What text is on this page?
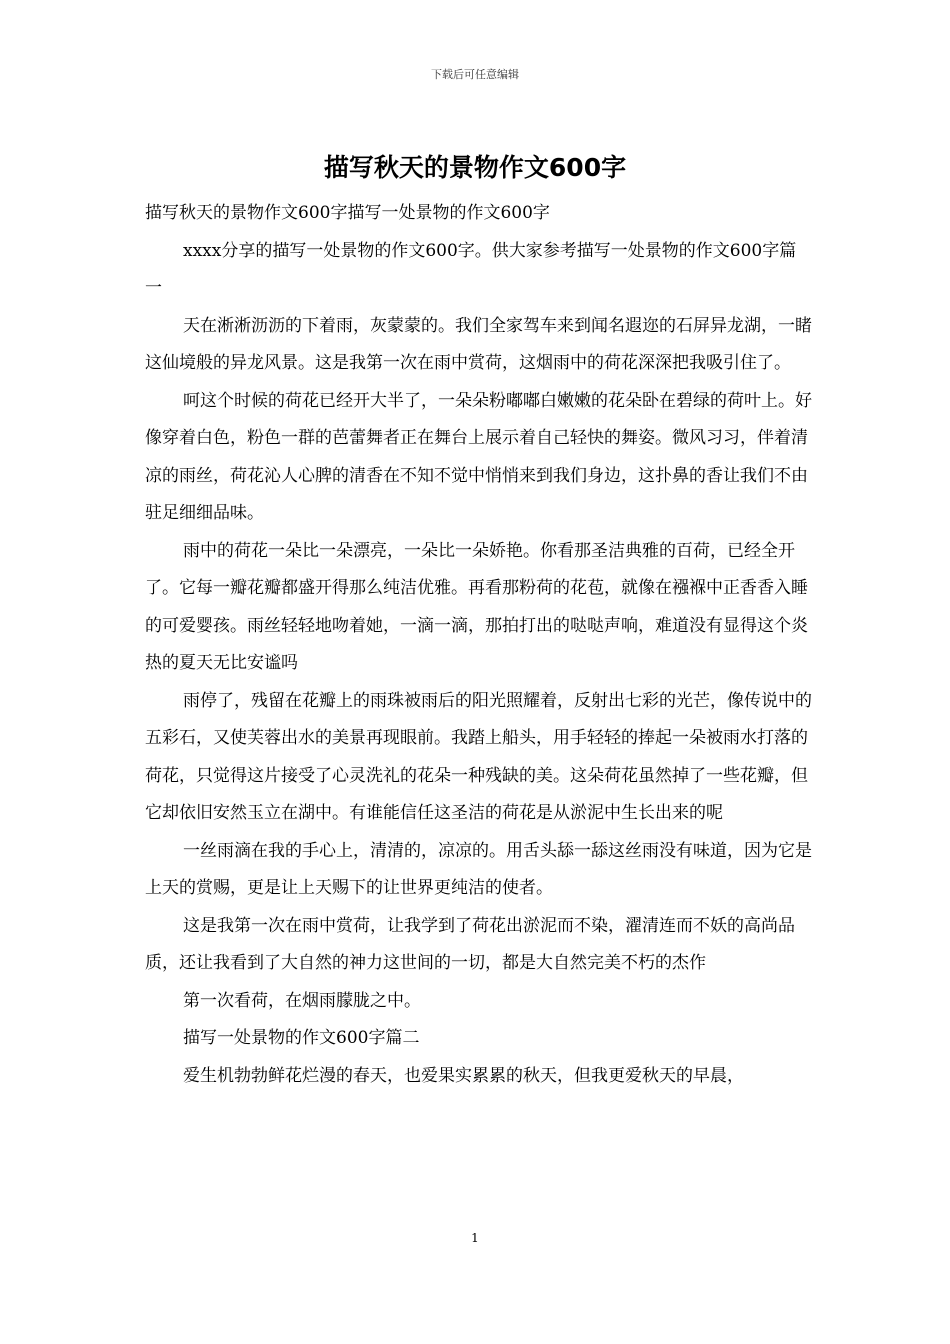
下载后可任意编辑
描写秋天的景物作文600字

描写秋天的景物作文600字描写一处景物的作文600字

xxxx分享的描写一处景物的作文600字。供大家参考描写一处景物的作文600字篇一

天在淅淅沥沥的下着雨，灰蒙蒙的。我们全家驾车来到闻名遐迩的石屏异龙湖，一睹这仙境般的异龙风景。这是我第一次在雨中赏荷，这烟雨中的荷花深深把我吸引住了。

呵这个时候的荷花已经开大半了，一朵朵粉嘟嘟白嫩嫩的花朵卧在碧绿的荷叶上。好像穿着白色，粉色一群的芭蕾舞者正在舞台上展示着自己轻快的舞姿。微风习习，伴着清凉的雨丝，荷花沁人心脾的清香在不知不觉中悄悄来到我们身边，这扑鼻的香让我们不由驻足细细品味。

雨中的荷花一朵比一朵漂亮，一朵比一朵娇艳。你看那圣洁典雅的百荷，已经全开了。它每一瓣花瓣都盛开得那么纯洁优雅。再看那粉荷的花苞，就像在襁褓中正香香入睡的可爱婴孩。雨丝轻轻地吻着她，一滴一滴，那拍打出的哒哒声响，难道没有显得这个炎热的夏天无比安谧吗

雨停了，残留在花瓣上的雨珠被雨后的阳光照耀着，反射出七彩的光芒，像传说中的五彩石，又使芙蓉出水的美景再现眼前。我踏上船头，用手轻轻的捧起一朵被雨水打落的荷花，只觉得这片接受了心灵洗礼的花朵一种残缺的美。这朵荷花虽然掉了一些花瓣，但它却依旧安然玉立在湖中。有谁能信任这圣洁的荷花是从淤泥中生长出来的呢

一丝雨滴在我的手心上，清清的，凉凉的。用舌头舔一舔这丝雨没有味道，因为它是上天的赏赐，更是让上天赐下的让世界更纯洁的使者。

这是我第一次在雨中赏荷，让我学到了荷花出淤泥而不染，濯清连而不妖的高尚品质，还让我看到了大自然的神力这世间的一切，都是大自然完美不朽的杰作

第一次看荷，在烟雨朦胧之中。

描写一处景物的作文600字篇二

爱生机勃勃鲜花烂漫的春天，也爱果实累累的秋天，但我更爱秋天的早晨，

1
